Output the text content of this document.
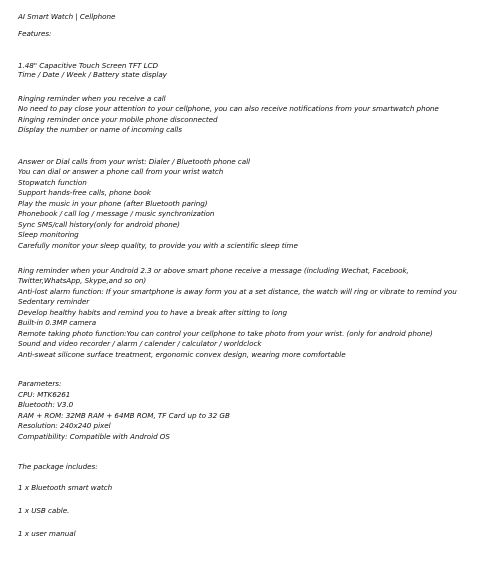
AI Smart Watch | Cellphone
Features:
1.48" Capacitive Touch Screen TFT LCD
Time / Date / Week / Battery state display
Ringing reminder when you receive a call
No need to pay close your attention to your cellphone, you can also receive notifications from your smartwatch phone
Ringing reminder once your mobile phone disconnected
Display the number or name of incoming calls
Answer or Dial calls from your wrist: Dialer / Bluetooth phone call
You can dial or answer a phone call from your wrist watch
Stopwatch function
Support hands-free calls, phone book
Play the music in your phone (after Bluetooth paring)
Phonebook / call log / message / music synchronization
Sync SMS/call history(only for android phone)
Sleep monitoring
Carefully monitor your sleep quality, to provide you with a scientific sleep time
Ring reminder when your Android 2.3 or above smart phone receive a message (including Wechat, Facebook,
Twitter,WhatsApp, Skype,and so on)
Anti-lost alarm function: If your smartphone is away form you at a set distance, the watch will ring or vibrate to remind you
Sedentary reminder
Develop healthy habits and remind you to have a break after sitting to long
Built-in 0.3MP camera
Remote taking photo function:You can control your cellphone to take photo from your wrist. (only for android phone)
Sound and video recorder / alarm / calender / calculator / worldclock
Anti-sweat silicone surface treatment, ergonomic convex design, wearing more comfortable
Parameters:
CPU: MTK6261
Bluetooth: V3.0
RAM + ROM: 32MB RAM + 64MB ROM, TF Card up to 32 GB
Resolution: 240x240 pixel
Compatibility: Compatible with Android OS
The package includes:
1 x Bluetooth smart watch
1 x USB cable.
1 x user manual
